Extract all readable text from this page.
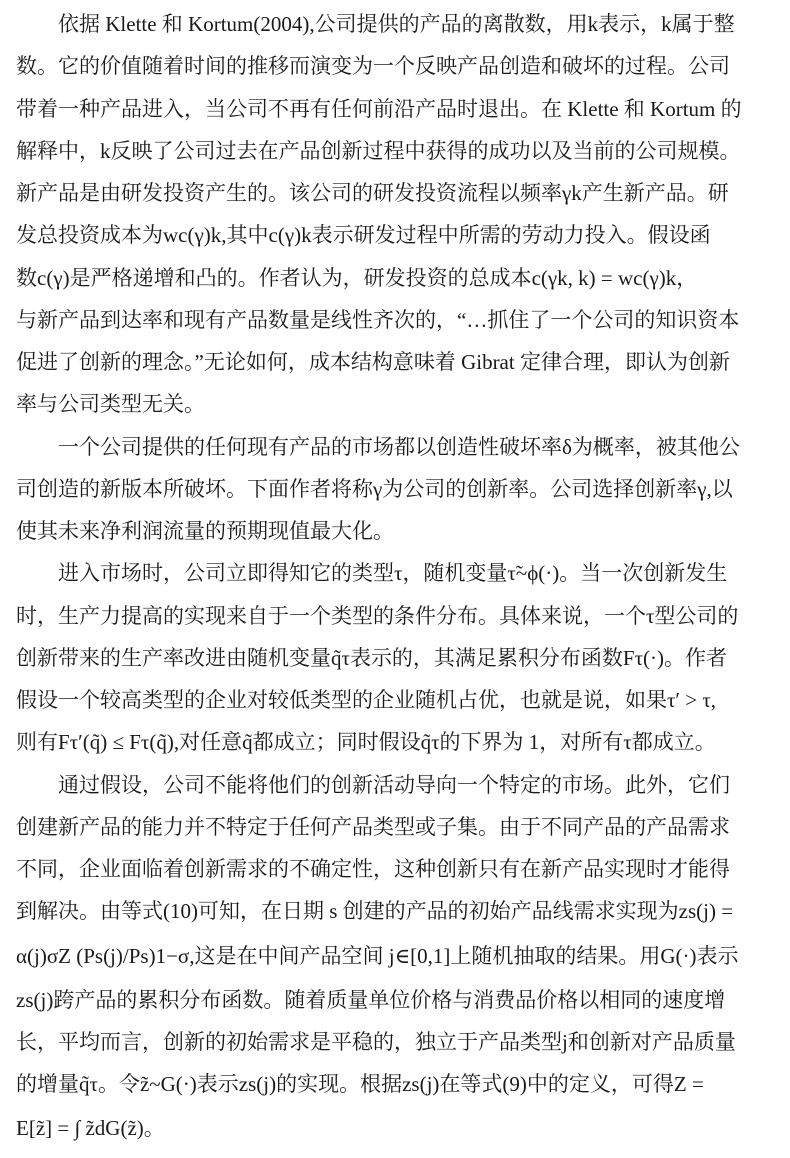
依据 Klette 和 Kortum(2004),公司提供的产品的离散数，用k表示，k属于整
数。它的价值随着时间的推移而演变为一个反映产品创造和破坏的过程。公司
带着一种产品进入，当公司不再有任何前沿产品时退出。在 Klette 和 Kortum 的
解释中，k反映了公司过去在产品创新过程中获得的成功以及当前的公司规模。
新产品是由研发投资产生的。该公司的研发投资流程以频率γk产生新产品。研
发总投资成本为wc(γ)k,其中c(γ)k表示研发过程中所需的劳动力投入。假设函
数c(γ)是严格递增和凸的。作者认为，研发投资的总成本c(γk, k) = wc(γ)k，
与新产品到达率和现有产品数量是线性齐次的，“…抓住了一个公司的知识资本
促进了创新的理念。”无论如何，成本结构意味着 Gibrat 定律合理，即认为创新
率与公司类型无关。
一个公司提供的任何现有产品的市场都以创造性破坏率δ为概率，被其他公
司创造的新版本所破坏。下面作者将称γ为公司的创新率。公司选择创新率γ,以
使其未来净利润流量的预期现值最大化。
进入市场时，公司立即得知它的类型τ，随机变量τ̃~ϕ(·)。当一次创新发生
时，生产力提高的实现来自于一个类型的条件分布。具体来说，一个τ型公司的
创新带来的生产率改进由随机变量q̃τ表示的，其满足累积分布函数Fτ(·)。作者
假设一个较高类型的企业对较低类型的企业随机占优，也就是说，如果τ′ > τ,
则有Fτ′(q̃) ≤ Fτ(q̃),对任意q̃都成立；同时假设q̃τ的下界为 1，对所有τ都成立。
通过假设，公司不能将他们的创新活动导向一个特定的市场。此外，它们
创建新产品的能力并不特定于任何产品类型或子集。由于不同产品的产品需求
不同，企业面临着创新需求的不确定性，这种创新只有在新产品实现时才能得
到解决。由等式(10)可知，在日期 s 创建的产品的初始产品线需求实现为zs(j) =
α(j)σZ (Ps(j)/Ps)1−σ,这是在中间产品空间 j∈[0,1]上随机抽取的结果。用G(·)表示
zs(j)跨产品的累积分布函数。随着质量单位价格与消费品价格以相同的速度增
长，平均而言，创新的初始需求是平稳的，独立于产品类型j和创新对产品质量
的增量q̃τ。令z̃~G(·)表示zs(j)的实现。根据zs(j)在等式(9)中的定义，可得Z =
E[z̃] = ∫ z̃dG(z̃)。
